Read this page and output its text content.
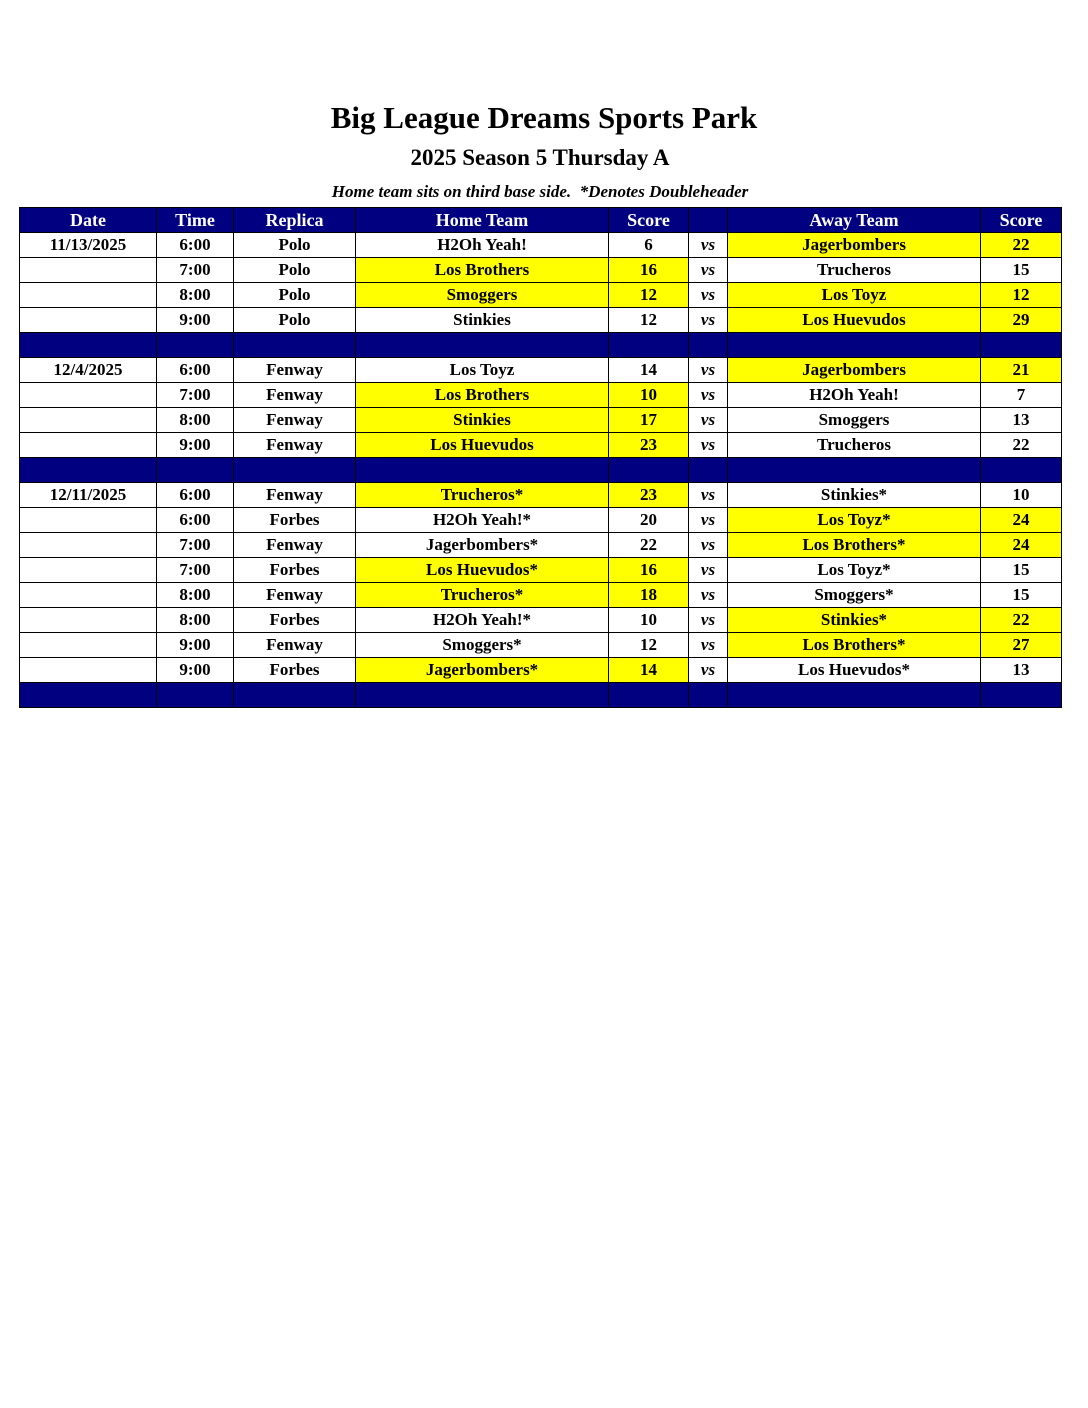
Big League Dreams Sports Park
2025 Season 5 Thursday A
Home team sits on third base side.  *Denotes Doubleheader
Date	Time	Replica	Home Team	Score		Away Team	Score
11/13/2025	6:00	Polo	H2Oh Yeah!	6	vs	Jagerbombers	22
	7:00	Polo	Los Brothers	16	vs	Trucheros	15
	8:00	Polo	Smoggers	12	vs	Los Toyz	12
	9:00	Polo	Stinkies	12	vs	Los Huevudos	29

12/4/2025	6:00	Fenway	Los Toyz	14	vs	Jagerbombers	21
	7:00	Fenway	Los Brothers	10	vs	H2Oh Yeah!	7
	8:00	Fenway	Stinkies	17	vs	Smoggers	13
	9:00	Fenway	Los Huevudos	23	vs	Trucheros	22

12/11/2025	6:00	Fenway	Trucheros*	23	vs	Stinkies*	10
	6:00	Forbes	H2Oh Yeah!*	20	vs	Los Toyz*	24
	7:00	Fenway	Jagerbombers*	22	vs	Los Brothers*	24
	7:00	Forbes	Los Huevudos*	16	vs	Los Toyz*	15
	8:00	Fenway	Trucheros*	18	vs	Smoggers*	15
	8:00	Forbes	H2Oh Yeah!*	10	vs	Stinkies*	22
	9:00	Fenway	Smoggers*	12	vs	Los Brothers*	27
	9:00	Forbes	Jagerbombers*	14	vs	Los Huevudos*	13
